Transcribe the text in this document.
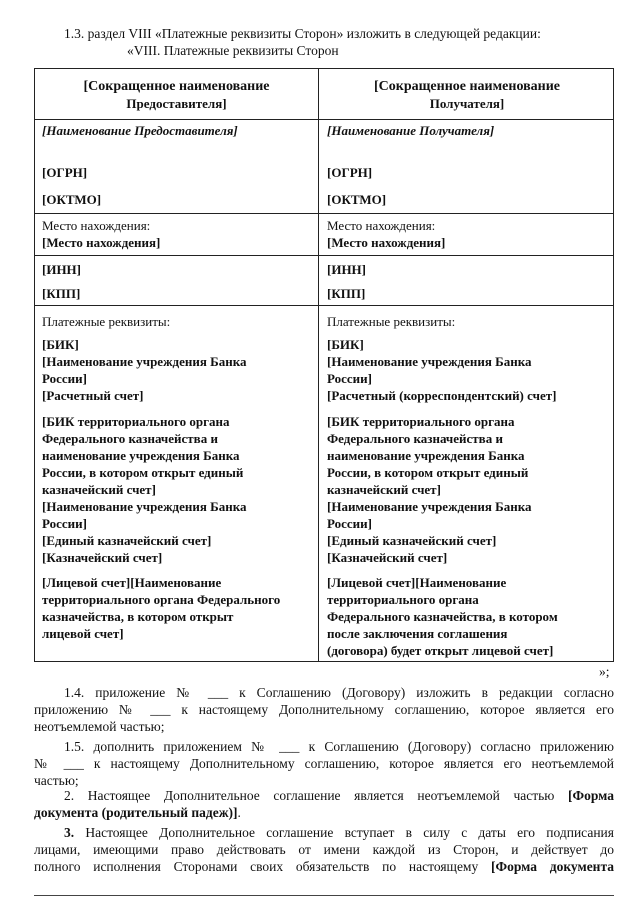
1.3. раздел VIII «Платежные реквизиты Сторон» изложить в следующей редакции:
«VIII. Платежные реквизиты Сторон
[Сокращенное наименование
Предоставителя]
[Сокращенное наименование
Получателя]
[Наименование Предоставителя]
[ОГРН]
[ОКТМО]
Место нахождения:
[Место нахождения]
[ИНН]
[КПП]
Платежные реквизиты:
[БИК]
[Наименование учреждения Банка
России]
[Расчетный счет]
[БИК территориального органа
Федерального казначейства и
наименование учреждения Банка
России, в котором открыт единый
казначейский счет]
[Наименование учреждения Банка
России]
[Единый казначейский счет]
[Казначейский счет]
[Лицевой счет][Наименование
территориального органа Федерального
казначейства, в котором открыт
лицевой счет]
[Наименование Получателя]
[ОГРН]
[ОКТМО]
Место нахождения:
[Место нахождения]
[ИНН]
[КПП]
Платежные реквизиты:
[БИК]
[Наименование учреждения Банка
России]
[Расчетный (корреспондентский) счет]
[БИК территориального органа
Федерального казначейства и
наименование учреждения Банка
России, в котором открыт единый
казначейский счет]
[Наименование учреждения Банка
России]
[Единый казначейский счет]
[Казначейский счет]
[Лицевой счет][Наименование
территориального органа
Федерального казначейства, в котором
после заключения соглашения
(договора) будет открыт лицевой счет]
»;
1.4. приложение № ___ к Соглашению (Договору) изложить в редакции согласно
приложению № ___ к настоящему Дополнительному соглашению, которое является его
неотъемлемой частью;
1.5. дополнить приложением № ___ к Соглашению (Договору) согласно приложению
№ ___ к настоящему Дополнительному соглашению, которое является его неотъемлемой
частью;
2. Настоящее Дополнительное соглашение является неотъемлемой частью [Форма
документа (родительный падеж)].
3. Настоящее Дополнительное соглашение вступает в силу с даты его подписания
лицами, имеющими право действовать от имени каждой из Сторон, и действует до
полного исполнения Сторонами своих обязательств по настоящему [Форма документа
